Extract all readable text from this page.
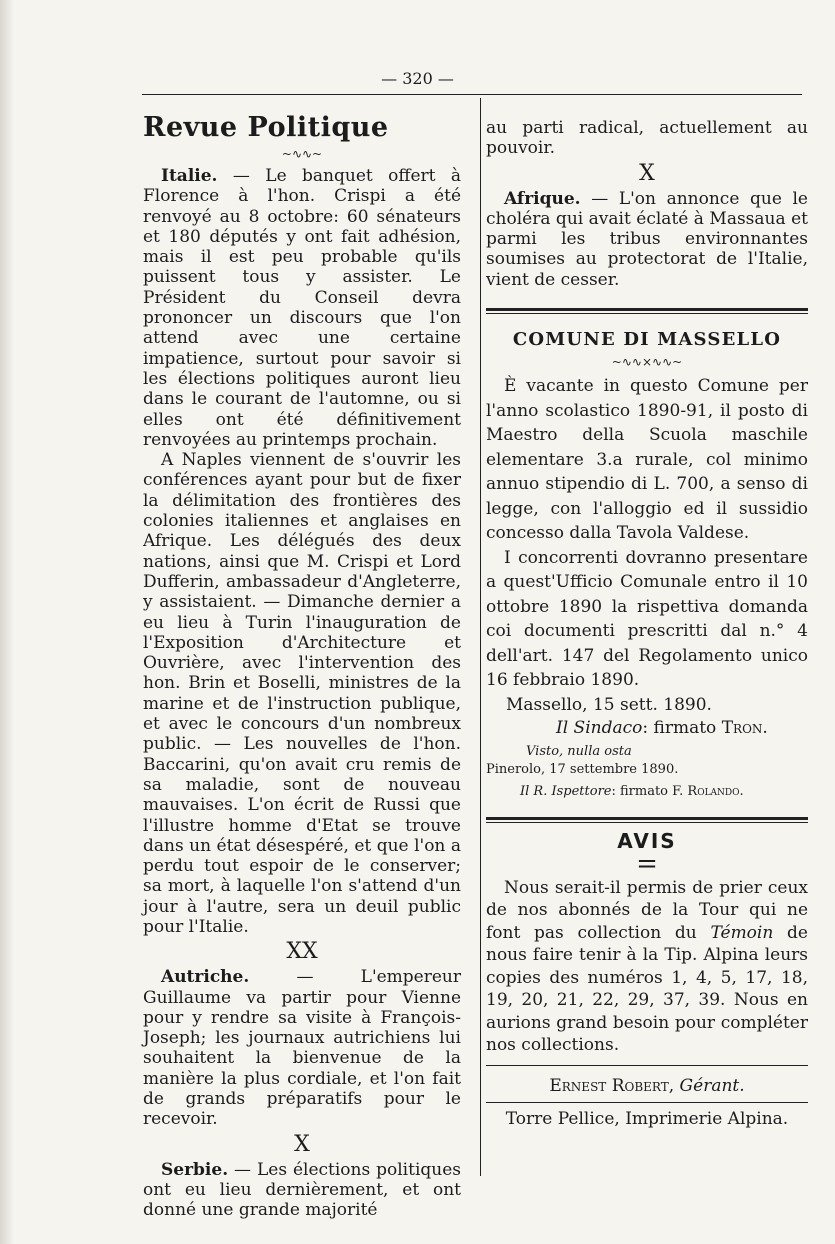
— 320 —

Revue Politique

~∿∿~

Italie. — Le banquet offert à Florence à l'hon. Crispi a été renvoyé au 8 octobre: 60 sénateurs et 180 députés y ont fait adhésion, mais il est peu probable qu'ils puissent tous y assister. Le Président du Conseil devra prononcer un discours que l'on attend avec une certaine impatience, surtout pour savoir si les élections politiques auront lieu dans le courant de l'automne, ou si elles ont été définitivement renvoyées au printemps prochain.

A Naples viennent de s'ouvrir les conférences ayant pour but de fixer la délimitation des frontières des colonies italiennes et anglaises en Afrique. Les délégués des deux nations, ainsi que M. Crispi et Lord Dufferin, ambassadeur d'Angleterre, y assistaient. — Dimanche dernier a eu lieu à Turin l'inauguration de l'Exposition d'Architecture et Ouvrière, avec l'intervention des hon. Brin et Boselli, ministres de la marine et de l'instruction publique, et avec le concours d'un nombreux public. — Les nouvelles de l'hon. Baccarini, qu'on avait cru remis de sa maladie, sont de nouveau mauvaises. L'on écrit de Russi que l'illustre homme d'Etat se trouve dans un état désespéré, et que l'on a perdu tout espoir de le conserver; sa mort, à laquelle l'on s'attend d'un jour à l'autre, sera un deuil public pour l'Italie.

XX

Autriche. — L'empereur Guillaume va partir pour Vienne pour y rendre sa visite à François-Joseph; les journaux autrichiens lui souhaitent la bienvenue de la manière la plus cordiale, et l'on fait de grands préparatifs pour le recevoir.

X

Serbie. — Les élections politiques ont eu lieu dernièrement, et ont donné une grande majorité

au parti radical, actuellement au pouvoir.

X

Afrique. — L'on annonce que le choléra qui avait éclaté à Massaua et parmi les tribus environnantes soumises au protectorat de l'Italie, vient de cesser.

COMUNE DI MASSELLO
~∿∿×∿∿~

È vacante in questo Comune per l'anno scolastico 1890-91, il posto di Maestro della Scuola maschile elementare 3.a rurale, col minimo annuo stipendio di L. 700, a senso di legge, con l'alloggio ed il sussidio concesso dalla Tavola Valdese.

I concorrenti dovranno presentare a quest'Ufficio Comunale entro il 10 ottobre 1890 la rispettiva domanda coi documenti prescritti dal n.° 4 dell'art. 147 del Regolamento unico 16 febbraio 1890.

Massello, 15 sett. 1890.
Il Sindaco: firmato Tron.
Visto, nulla osta
Pinerolo, 17 settembre 1890.
Il R. Ispettore: firmato F. Rolando.
AVIS
=

Nous serait-il permis de prier ceux de nos abonnés de la Tour qui ne font pas collection du Témoin de nous faire tenir à la Tip. Alpina leurs copies des numéros 1, 4, 5, 17, 18, 19, 20, 21, 22, 29, 37, 39. Nous en aurions grand besoin pour compléter nos collections.

Ernest Robert, Gérant.
Torre Pellice, Imprimerie Alpina.
